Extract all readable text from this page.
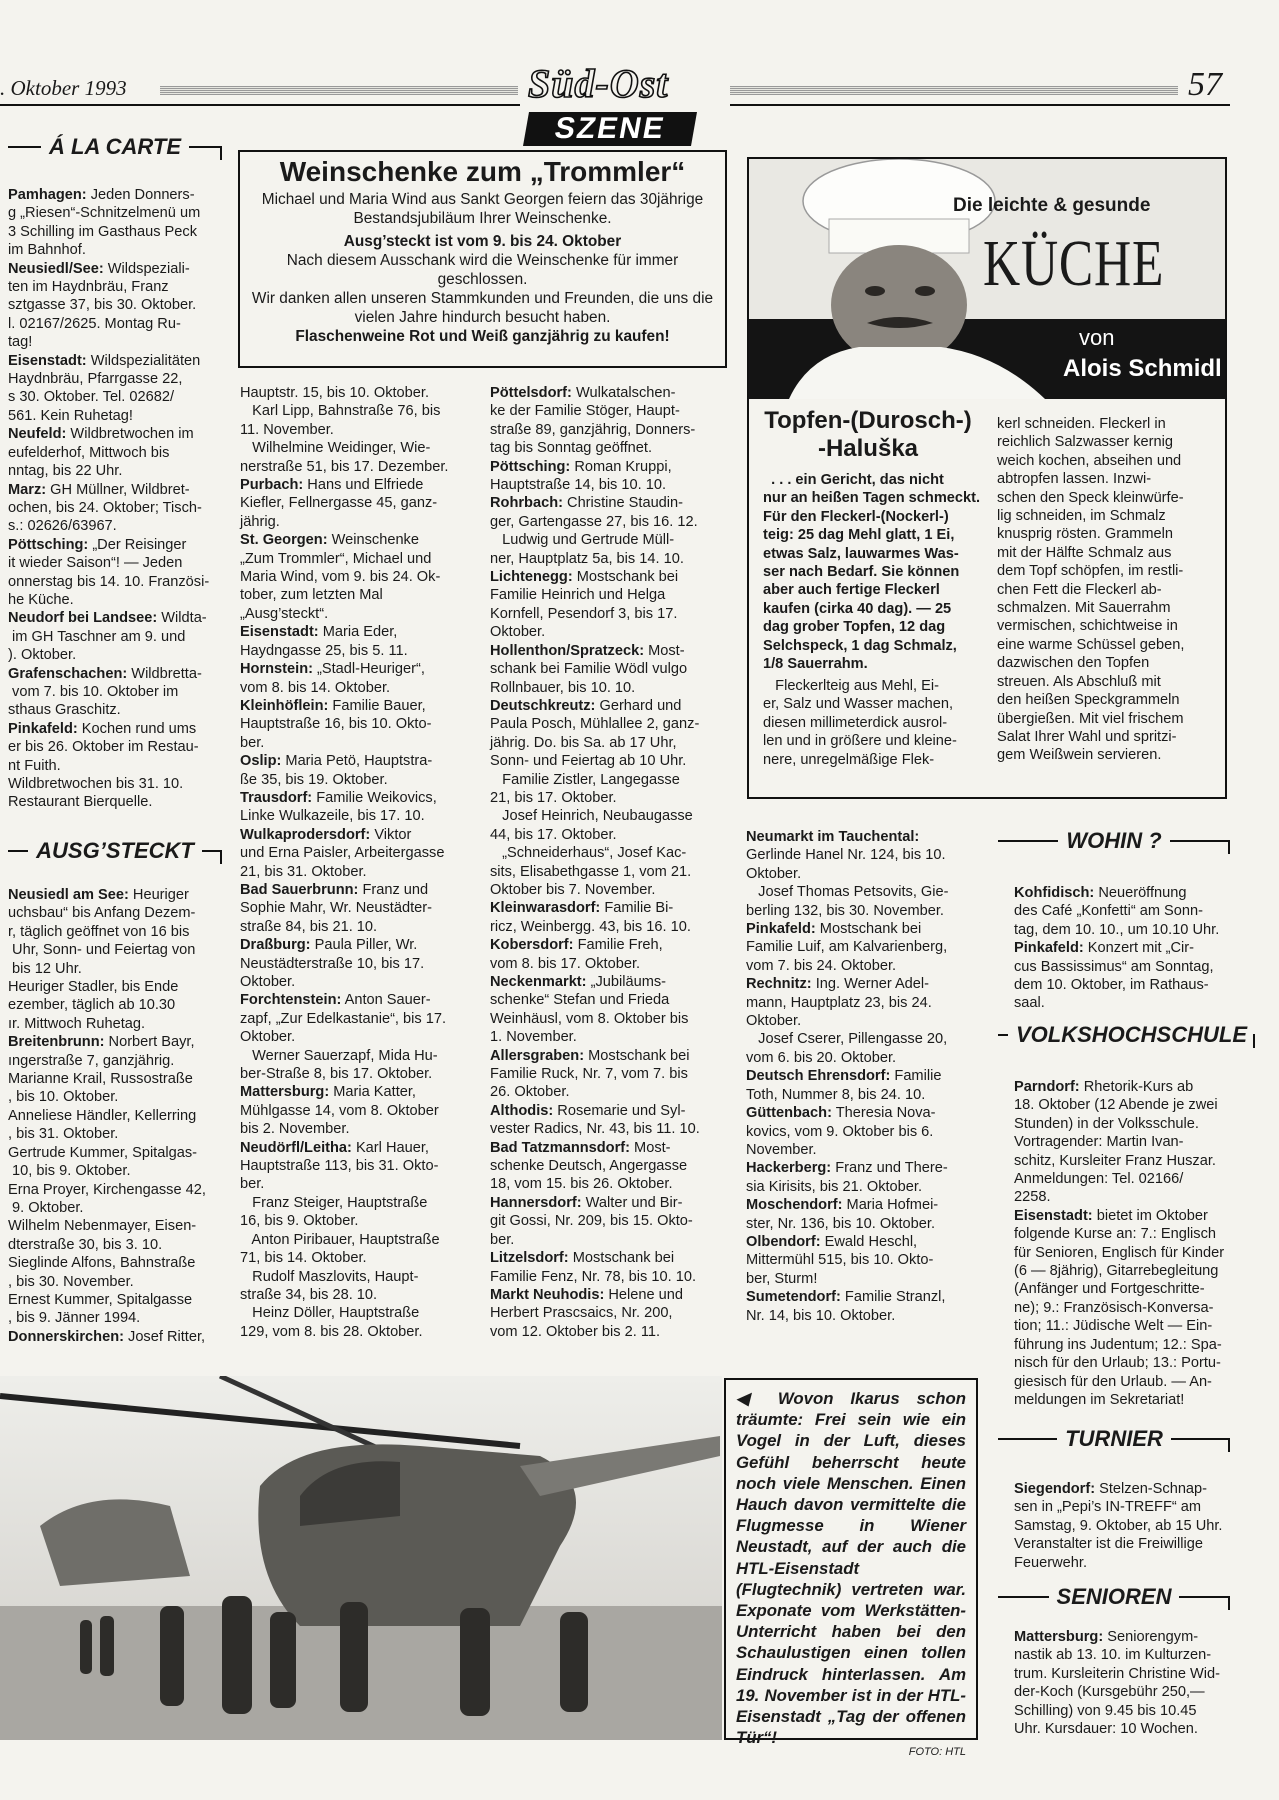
. Oktober 1993	57
Süd-Ost
SZENE
Á LA CARTE

Pamhagen: Jeden Donners-

g „Riesen“-Schnitzelmenü um

3 Schilling im Gasthaus Peck

im Bahnhof.

Neusiedl/See: Wildspeziali-

ten im Haydnbräu, Franz

sztgasse 37, bis 30. Oktober.

l. 02167/2625. Montag Ru-

tag!

Eisenstadt: Wildspezialitäten

Haydnbräu, Pfarrgasse 22,

s 30. Oktober. Tel. 02682/

561. Kein Ruhetag!

Neufeld: Wildbretwochen im

eufelderhof, Mittwoch bis

nntag, bis 22 Uhr.

Marz: GH Müllner, Wildbret-

ochen, bis 24. Oktober; Tisch-

s.: 02626/63967.

Pöttsching: „Der Reisinger

it wieder Saison“! — Jeden

onnerstag bis 14. 10. Französi-

he Küche.

Neudorf bei Landsee: Wildta-

im GH Taschner am 9. und

). Oktober.

Grafenschachen: Wildbretta-

vom 7. bis 10. Oktober im

sthaus Graschitz.

Pinkafeld: Kochen rund ums

er bis 26. Oktober im Restau-

nt Fuith.

Wildbretwochen bis 31. 10.

Restaurant Bierquelle.

AUSG’STECKT

Neusiedl am See: Heuriger

uchsbau“ bis Anfang Dezem-

r, täglich geöffnet von 16 bis

Uhr, Sonn- und Feiertag von

bis 12 Uhr.

Heuriger Stadler, bis Ende

ezember, täglich ab 10.30

ır. Mittwoch Ruhetag.

Breitenbrunn: Norbert Bayr,

ıngerstraße 7, ganzjährig.

Marianne Krail, Russostraße

, bis 10. Oktober.

Anneliese Händler, Kellerring

, bis 31. Oktober.

Gertrude Kummer, Spitalgas-

10, bis 9. Oktober.

Erna Proyer, Kirchengasse 42,

9. Oktober.

Wilhelm Nebenmayer, Eisen-

dterstraße 30, bis 3. 10.

Sieglinde Alfons, Bahnstraße

, bis 30. November.

Ernest Kummer, Spitalgasse

, bis 9. Jänner 1994.

Donnerskirchen: Josef Ritter,

Weinschenke zum „Trommler“
Michael und Maria Wind aus Sankt Georgen feiern das 30jährige Bestandsjubiläum Ihrer Weinschenke.
Ausg’steckt ist vom 9. bis 24. Oktober
Nach diesem Ausschank wird die Weinschenke für immer geschlossen.
Wir danken allen unseren Stammkunden und Freunden, die uns die vielen Jahre hindurch besucht haben.
Flaschenweine Rot und Weiß ganzjährig zu kaufen!

Hauptstr. 15, bis 10. Oktober.

Karl Lipp, Bahnstraße 76, bis

11. November.

Wilhelmine Weidinger, Wie-

nerstraße 51, bis 17. Dezember.

Purbach: Hans und Elfriede

Kiefler, Fellnergasse 45, ganz-

jährig.

St. Georgen: Weinschenke

„Zum Trommler“, Michael und

Maria Wind, vom 9. bis 24. Ok-

tober, zum letzten Mal

„Ausg’steckt“.

Eisenstadt: Maria Eder,

Haydngasse 25, bis 5. 11.

Hornstein: „Stadl-Heuriger“,

vom 8. bis 14. Oktober.

Kleinhöflein: Familie Bauer,

Hauptstraße 16, bis 10. Okto-

ber.

Oslip: Maria Petö, Hauptstra-

ße 35, bis 19. Oktober.

Trausdorf: Familie Weikovics,

Linke Wulkazeile, bis 17. 10.

Wulkaprodersdorf: Viktor

und Erna Paisler, Arbeitergasse

21, bis 31. Oktober.

Bad Sauerbrunn: Franz und

Sophie Mahr, Wr. Neustädter-

straße 84, bis 21. 10.

Draßburg: Paula Piller, Wr.

Neustädterstraße 10, bis 17.

Oktober.

Forchtenstein: Anton Sauer-

zapf, „Zur Edelkastanie“, bis 17.

Oktober.

Werner Sauerzapf, Mida Hu-

ber-Straße 8, bis 17. Oktober.

Mattersburg: Maria Katter,

Mühlgasse 14, vom 8. Oktober

bis 2. November.

Neudörfl/Leitha: Karl Hauer,

Hauptstraße 113, bis 31. Okto-

ber.

Franz Steiger, Hauptstraße

16, bis 9. Oktober.

Anton Piribauer, Hauptstraße

71, bis 14. Oktober.

Rudolf Maszlovits, Haupt-

straße 34, bis 28. 10.

Heinz Döller, Hauptstraße

129, vom 8. bis 28. Oktober.

Pöttelsdorf: Wulkatalschen-

ke der Familie Stöger, Haupt-

straße 89, ganzjährig, Donners-

tag bis Sonntag geöffnet.

Pöttsching: Roman Kruppi,

Hauptstraße 14, bis 10. 10.

Rohrbach: Christine Staudin-

ger, Gartengasse 27, bis 16. 12.

Ludwig und Gertrude Müll-

ner, Hauptplatz 5a, bis 14. 10.

Lichtenegg: Mostschank bei

Familie Heinrich und Helga

Kornfell, Pesendorf 3, bis 17.

Oktober.

Hollenthon/Spratzeck: Most-

schank bei Familie Wödl vulgo

Rollnbauer, bis 10. 10.

Deutschkreutz: Gerhard und

Paula Posch, Mühlallee 2, ganz-

jährig. Do. bis Sa. ab 17 Uhr,

Sonn- und Feiertag ab 10 Uhr.

Familie Zistler, Langegasse

21, bis 17. Oktober.

Josef Heinrich, Neubaugasse

44, bis 17. Oktober.

„Schneiderhaus“, Josef Kac-

sits, Elisabethgasse 1, vom 21.

Oktober bis 7. November.

Kleinwarasdorf: Familie Bi-

ricz, Weinbergg. 43, bis 16. 10.

Kobersdorf: Familie Freh,

vom 8. bis 17. Oktober.

Neckenmarkt: „Jubiläums-

schenke“ Stefan und Frieda

Weinhäusl, vom 8. Oktober bis

1. November.

Allersgraben: Mostschank bei

Familie Ruck, Nr. 7, vom 7. bis

26. Oktober.

Althodis: Rosemarie und Syl-

vester Radics, Nr. 43, bis 11. 10.

Bad Tatzmannsdorf: Most-

schenke Deutsch, Angergasse

18, vom 15. bis 26. Oktober.

Hannersdorf: Walter und Bir-

git Gossi, Nr. 209, bis 15. Okto-

ber.

Litzelsdorf: Mostschank bei

Familie Fenz, Nr. 78, bis 10. 10.

Markt Neuhodis: Helene und

Herbert Prascsaics, Nr. 200,

vom 12. Oktober bis 2. 11.

Die leichte & gesunde
KÜCHE
von
Alois Schmidl
Topfen-(Durosch-)
-Haluška

. . . ein Gericht, das nicht

nur an heißen Tagen schmeckt.

Für den Fleckerl-(Nockerl-)

teig: 25 dag Mehl glatt, 1 Ei,

etwas Salz, lauwarmes Was-

ser nach Bedarf. Sie können

aber auch fertige Fleckerl

kaufen (cirka 40 dag). — 25

dag grober Topfen, 12 dag

Selchspeck, 1 dag Schmalz,

1/8 Sauerrahm.

Fleckerlteig aus Mehl, Ei-

er, Salz und Wasser machen,

diesen millimeterdick ausrol-

len und in größere und kleine-

nere, unregelmäßige Flek-

kerl schneiden. Fleckerl in

reichlich Salzwasser kernig

weich kochen, abseihen und

abtropfen lassen. Inzwi-

schen den Speck kleinwürfe-

lig schneiden, im Schmalz

knusprig rösten. Grammeln

mit der Hälfte Schmalz aus

dem Topf schöpfen, im restli-

chen Fett die Fleckerl ab-

schmalzen. Mit Sauerrahm

vermischen, schichtweise in

eine warme Schüssel geben,

dazwischen den Topfen

streuen. Als Abschluß mit

den heißen Speckgrammeln

übergießen. Mit viel frischem

Salat Ihrer Wahl und spritzi-

gem Weißwein servieren.

Neumarkt im Tauchental:

Gerlinde Hanel Nr. 124, bis 10.

Oktober.

Josef Thomas Petsovits, Gie-

berling 132, bis 30. November.

Pinkafeld: Mostschank bei

Familie Luif, am Kalvarienberg,

vom 7. bis 24. Oktober.

Rechnitz: Ing. Werner Adel-

mann, Hauptplatz 23, bis 24.

Oktober.

Josef Cserer, Pillengasse 20,

vom 6. bis 20. Oktober.

Deutsch Ehrensdorf: Familie

Toth, Nummer 8, bis 24. 10.

Güttenbach: Theresia Nova-

kovics, vom 9. Oktober bis 6.

November.

Hackerberg: Franz und There-

sia Kirisits, bis 21. Oktober.

Moschendorf: Maria Hofmei-

ster, Nr. 136, bis 10. Oktober.

Olbendorf: Ewald Heschl,

Mittermühl 515, bis 10. Okto-

ber, Sturm!

Sumetendorf: Familie Stranzl,

Nr. 14, bis 10. Oktober.

WOHIN ?

Kohfidisch: Neueröffnung

des Café „Konfetti“ am Sonn-

tag, dem 10. 10., um 10.10 Uhr.

Pinkafeld: Konzert mit „Cir-

cus Bassissimus“ am Sonntag,

dem 10. Oktober, im Rathaus-

saal.

VOLKSHOCHSCHULE

Parndorf: Rhetorik-Kurs ab

18. Oktober (12 Abende je zwei

Stunden) in der Volksschule.

Vortragender: Martin Ivan-

schitz, Kursleiter Franz Huszar.

Anmeldungen: Tel. 02166/

2258.

Eisenstadt: bietet im Oktober

folgende Kurse an: 7.: Englisch

für Senioren, Englisch für Kinder

(6 — 8jährig), Gitarrebegleitung

(Anfänger und Fortgeschritte-

ne); 9.: Französisch-Konversa-

tion; 11.: Jüdische Welt — Ein-

führung ins Judentum; 12.: Spa-

nisch für den Urlaub; 13.: Portu-

giesisch für den Urlaub. — An-

meldungen im Sekretariat!

TURNIER

Siegendorf: Stelzen-Schnap-

sen in „Pepi’s IN-TREFF“ am

Samstag, 9. Oktober, ab 15 Uhr.

Veranstalter ist die Freiwillige

Feuerwehr.

SENIOREN

Mattersburg: Seniorengym-

nastik ab 13. 10. im Kulturzen-

trum. Kursleiterin Christine Wid-

der-Koch (Kursgebühr 250,—

Schilling) von 9.45 bis 10.45

Uhr. Kursdauer: 10 Wochen.

◀ Wovon Ikarus schon träumte: Frei sein wie ein Vogel in der Luft, dieses Gefühl beherrscht heute noch viele Menschen. Einen Hauch davon vermittelte die Flugmesse in Wiener Neustadt, auf der auch die HTL-Eisenstadt (Flugtechnik) vertreten war. Exponate vom Werkstätten-Unterricht haben bei den Schaulustigen einen tollen Eindruck hinterlassen. Am 19. November ist in der HTL-Eisenstadt „Tag der offenen Tür“!
FOTO: HTL
